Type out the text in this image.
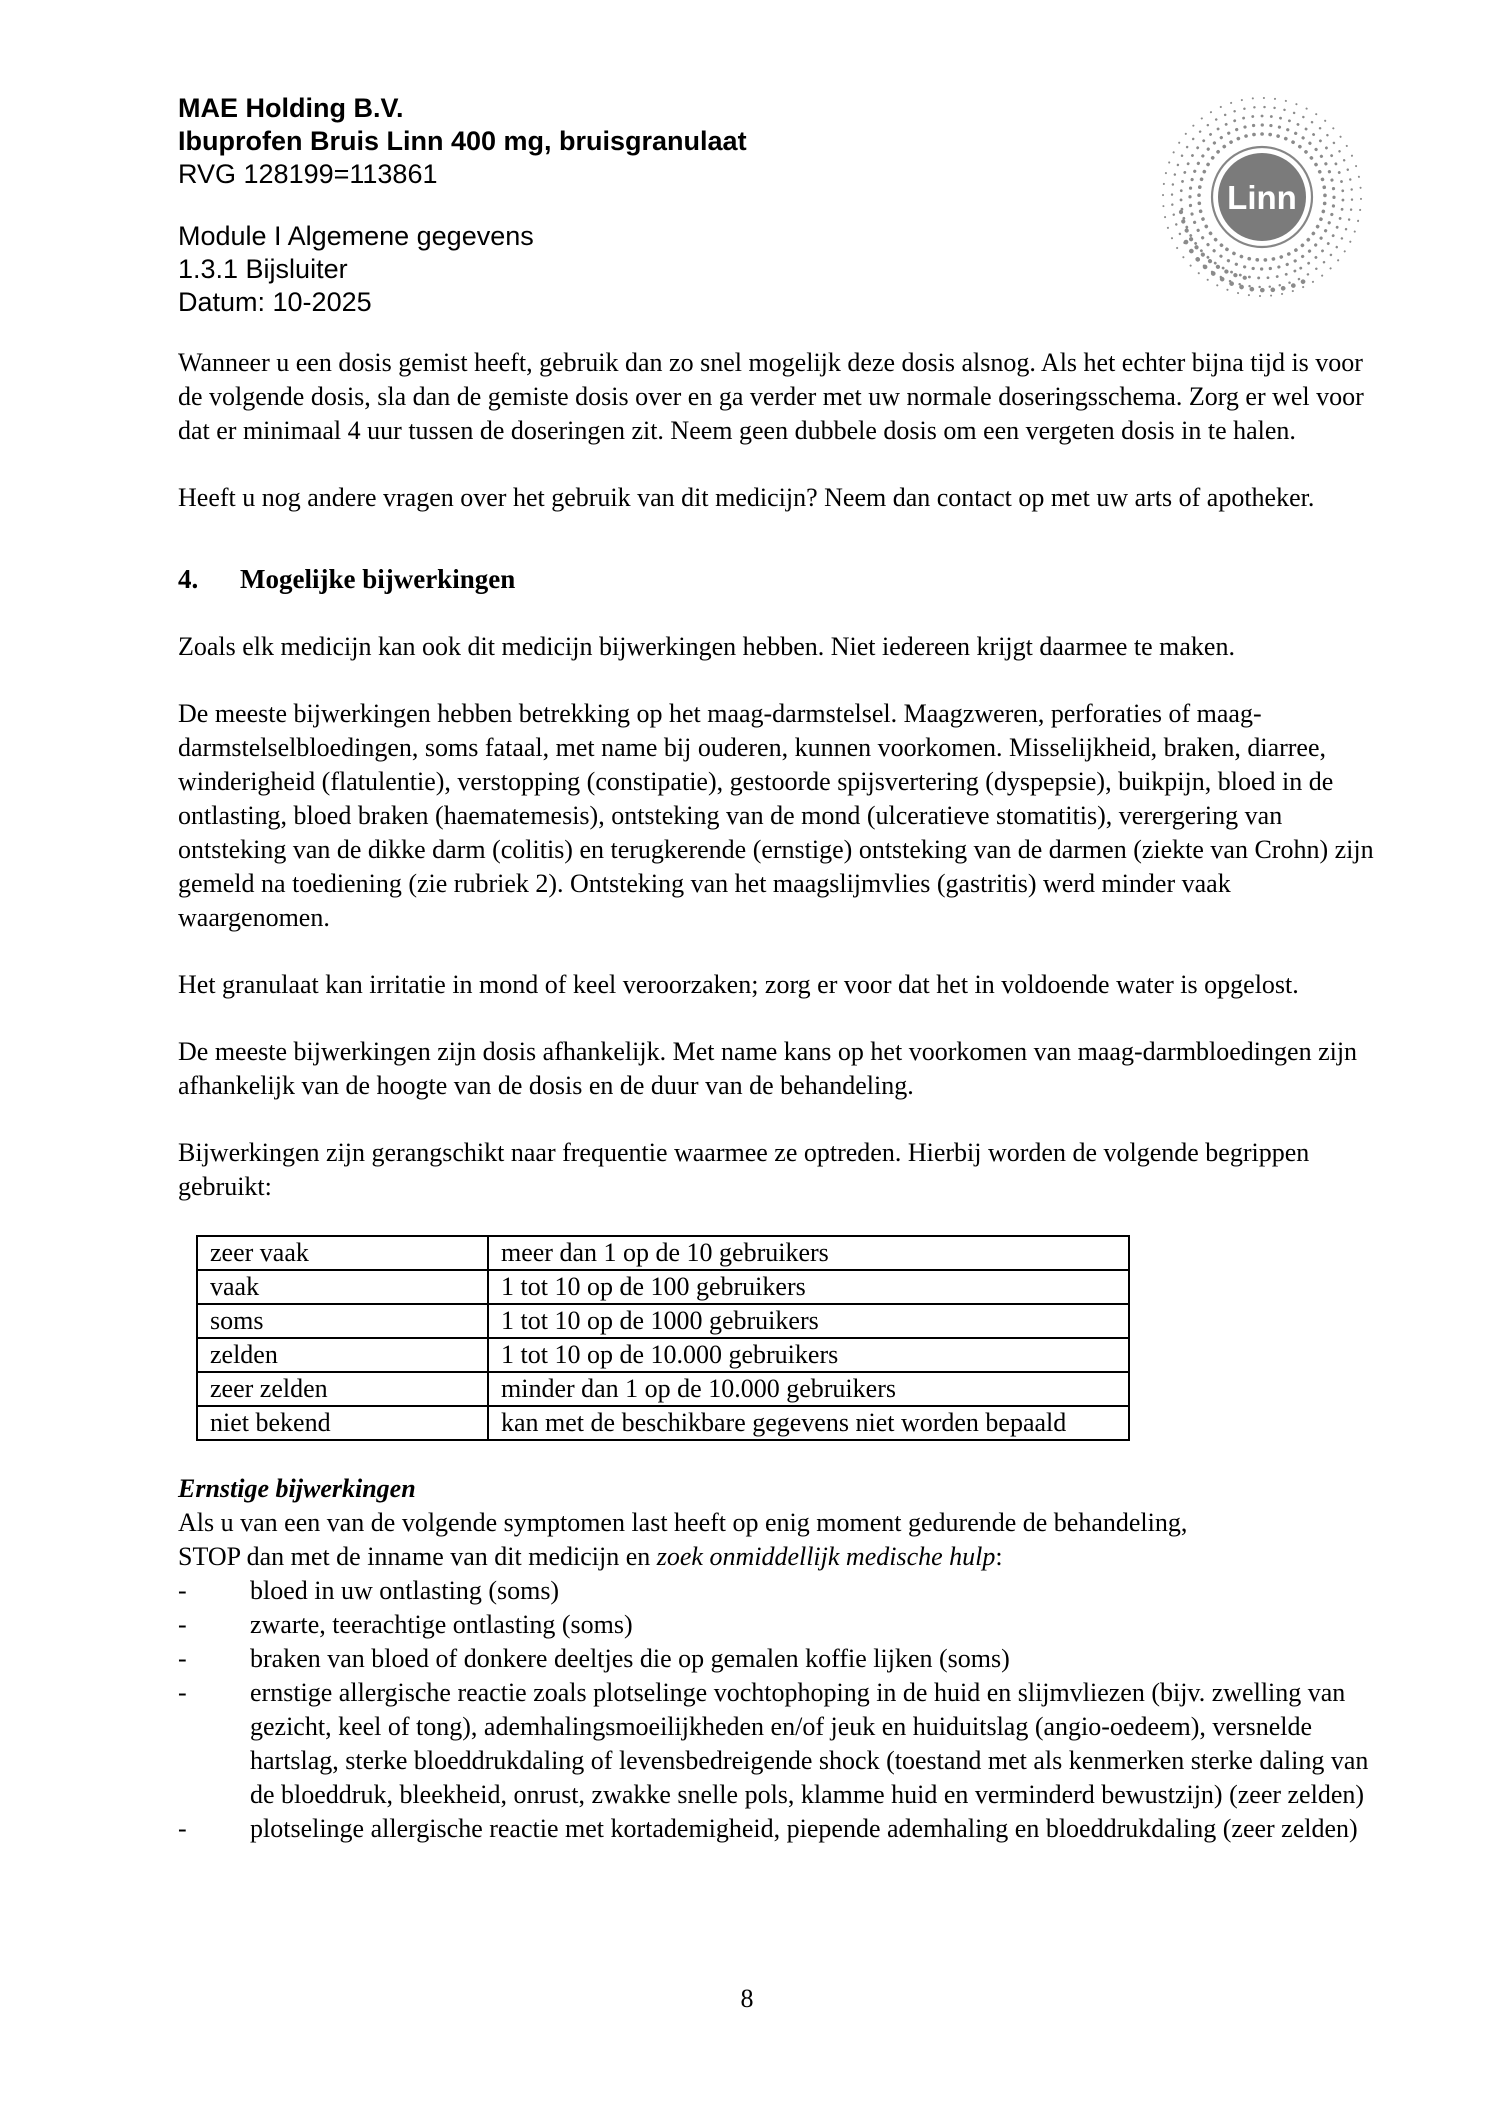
Linn
MAE Holding B.V.
Ibuprofen Bruis Linn 400 mg, bruisgranulaat
RVG 128199=113861
Module I Algemene gegevens
1.3.1 Bijsluiter
Datum: 10-2025

Wanneer u een dosis gemist heeft, gebruik dan zo snel mogelijk deze dosis alsnog. Als het echter bijna tijd is voor de volgende dosis, sla dan de gemiste dosis over en ga verder met uw normale doseringsschema. Zorg er wel voor dat er minimaal 4 uur tussen de doseringen zit. Neem geen dubbele dosis om een vergeten dosis in te halen.

Heeft u nog andere vragen over het gebruik van dit medicijn? Neem dan contact op met uw arts of apotheker.

4. Mogelijke bijwerkingen

Zoals elk medicijn kan ook dit medicijn bijwerkingen hebben. Niet iedereen krijgt daarmee te maken.

De meeste bijwerkingen hebben betrekking op het maag-darmstelsel. Maagzweren, perforaties of maag-darmstelselbloedingen, soms fataal, met name bij ouderen, kunnen voorkomen. Misselijkheid, braken, diarree, winderigheid (flatulentie), verstopping (constipatie), gestoorde spijsvertering (dyspepsie), buikpijn, bloed in de ontlasting, bloed braken (haematemesis), ontsteking van de mond (ulceratieve stomatitis), verergering van ontsteking van de dikke darm (colitis) en terugkerende (ernstige) ontsteking van de darmen (ziekte van Crohn) zijn gemeld na toediening (zie rubriek 2). Ontsteking van het maagslijmvlies (gastritis) werd minder vaak waargenomen.

Het granulaat kan irritatie in mond of keel veroorzaken; zorg er voor dat het in voldoende water is opgelost.

De meeste bijwerkingen zijn dosis afhankelijk. Met name kans op het voorkomen van maag-darmbloedingen zijn afhankelijk van de hoogte van de dosis en de duur van de behandeling.

Bijwerkingen zijn gerangschikt naar frequentie waarmee ze optreden. Hierbij worden de volgende begrippen gebruikt:

zeer vaak	meer dan 1 op de 10 gebruikers
vaak	1 tot 10 op de 100 gebruikers
soms	1 tot 10 op de 1000 gebruikers
zelden	1 tot 10 op de 10.000 gebruikers
zeer zelden	minder dan 1 op de 10.000 gebruikers
niet bekend	kan met de beschikbare gegevens niet worden bepaald
Ernstige bijwerkingen
Als u van een van de volgende symptomen last heeft op enig moment gedurende de behandeling,
STOP dan met de inname van dit medicijn en zoek onmiddellijk medische hulp:
- bloed in uw ontlasting (soms)
- zwarte, teerachtige ontlasting (soms)
- braken van bloed of donkere deeltjes die op gemalen koffie lijken (soms)
- ernstige allergische reactie zoals plotselinge vochtophoping in de huid en slijmvliezen (bijv. zwelling van gezicht, keel of tong), ademhalingsmoeilijkheden en/of jeuk en huiduitslag (angio-oedeem), versnelde hartslag, sterke bloeddrukdaling of levensbedreigende shock (toestand met als kenmerken sterke daling van de bloeddruk, bleekheid, onrust, zwakke snelle pols, klamme huid en verminderd bewustzijn) (zeer zelden)
- plotselinge allergische reactie met kortademigheid, piepende ademhaling en bloeddrukdaling (zeer zelden)
8
